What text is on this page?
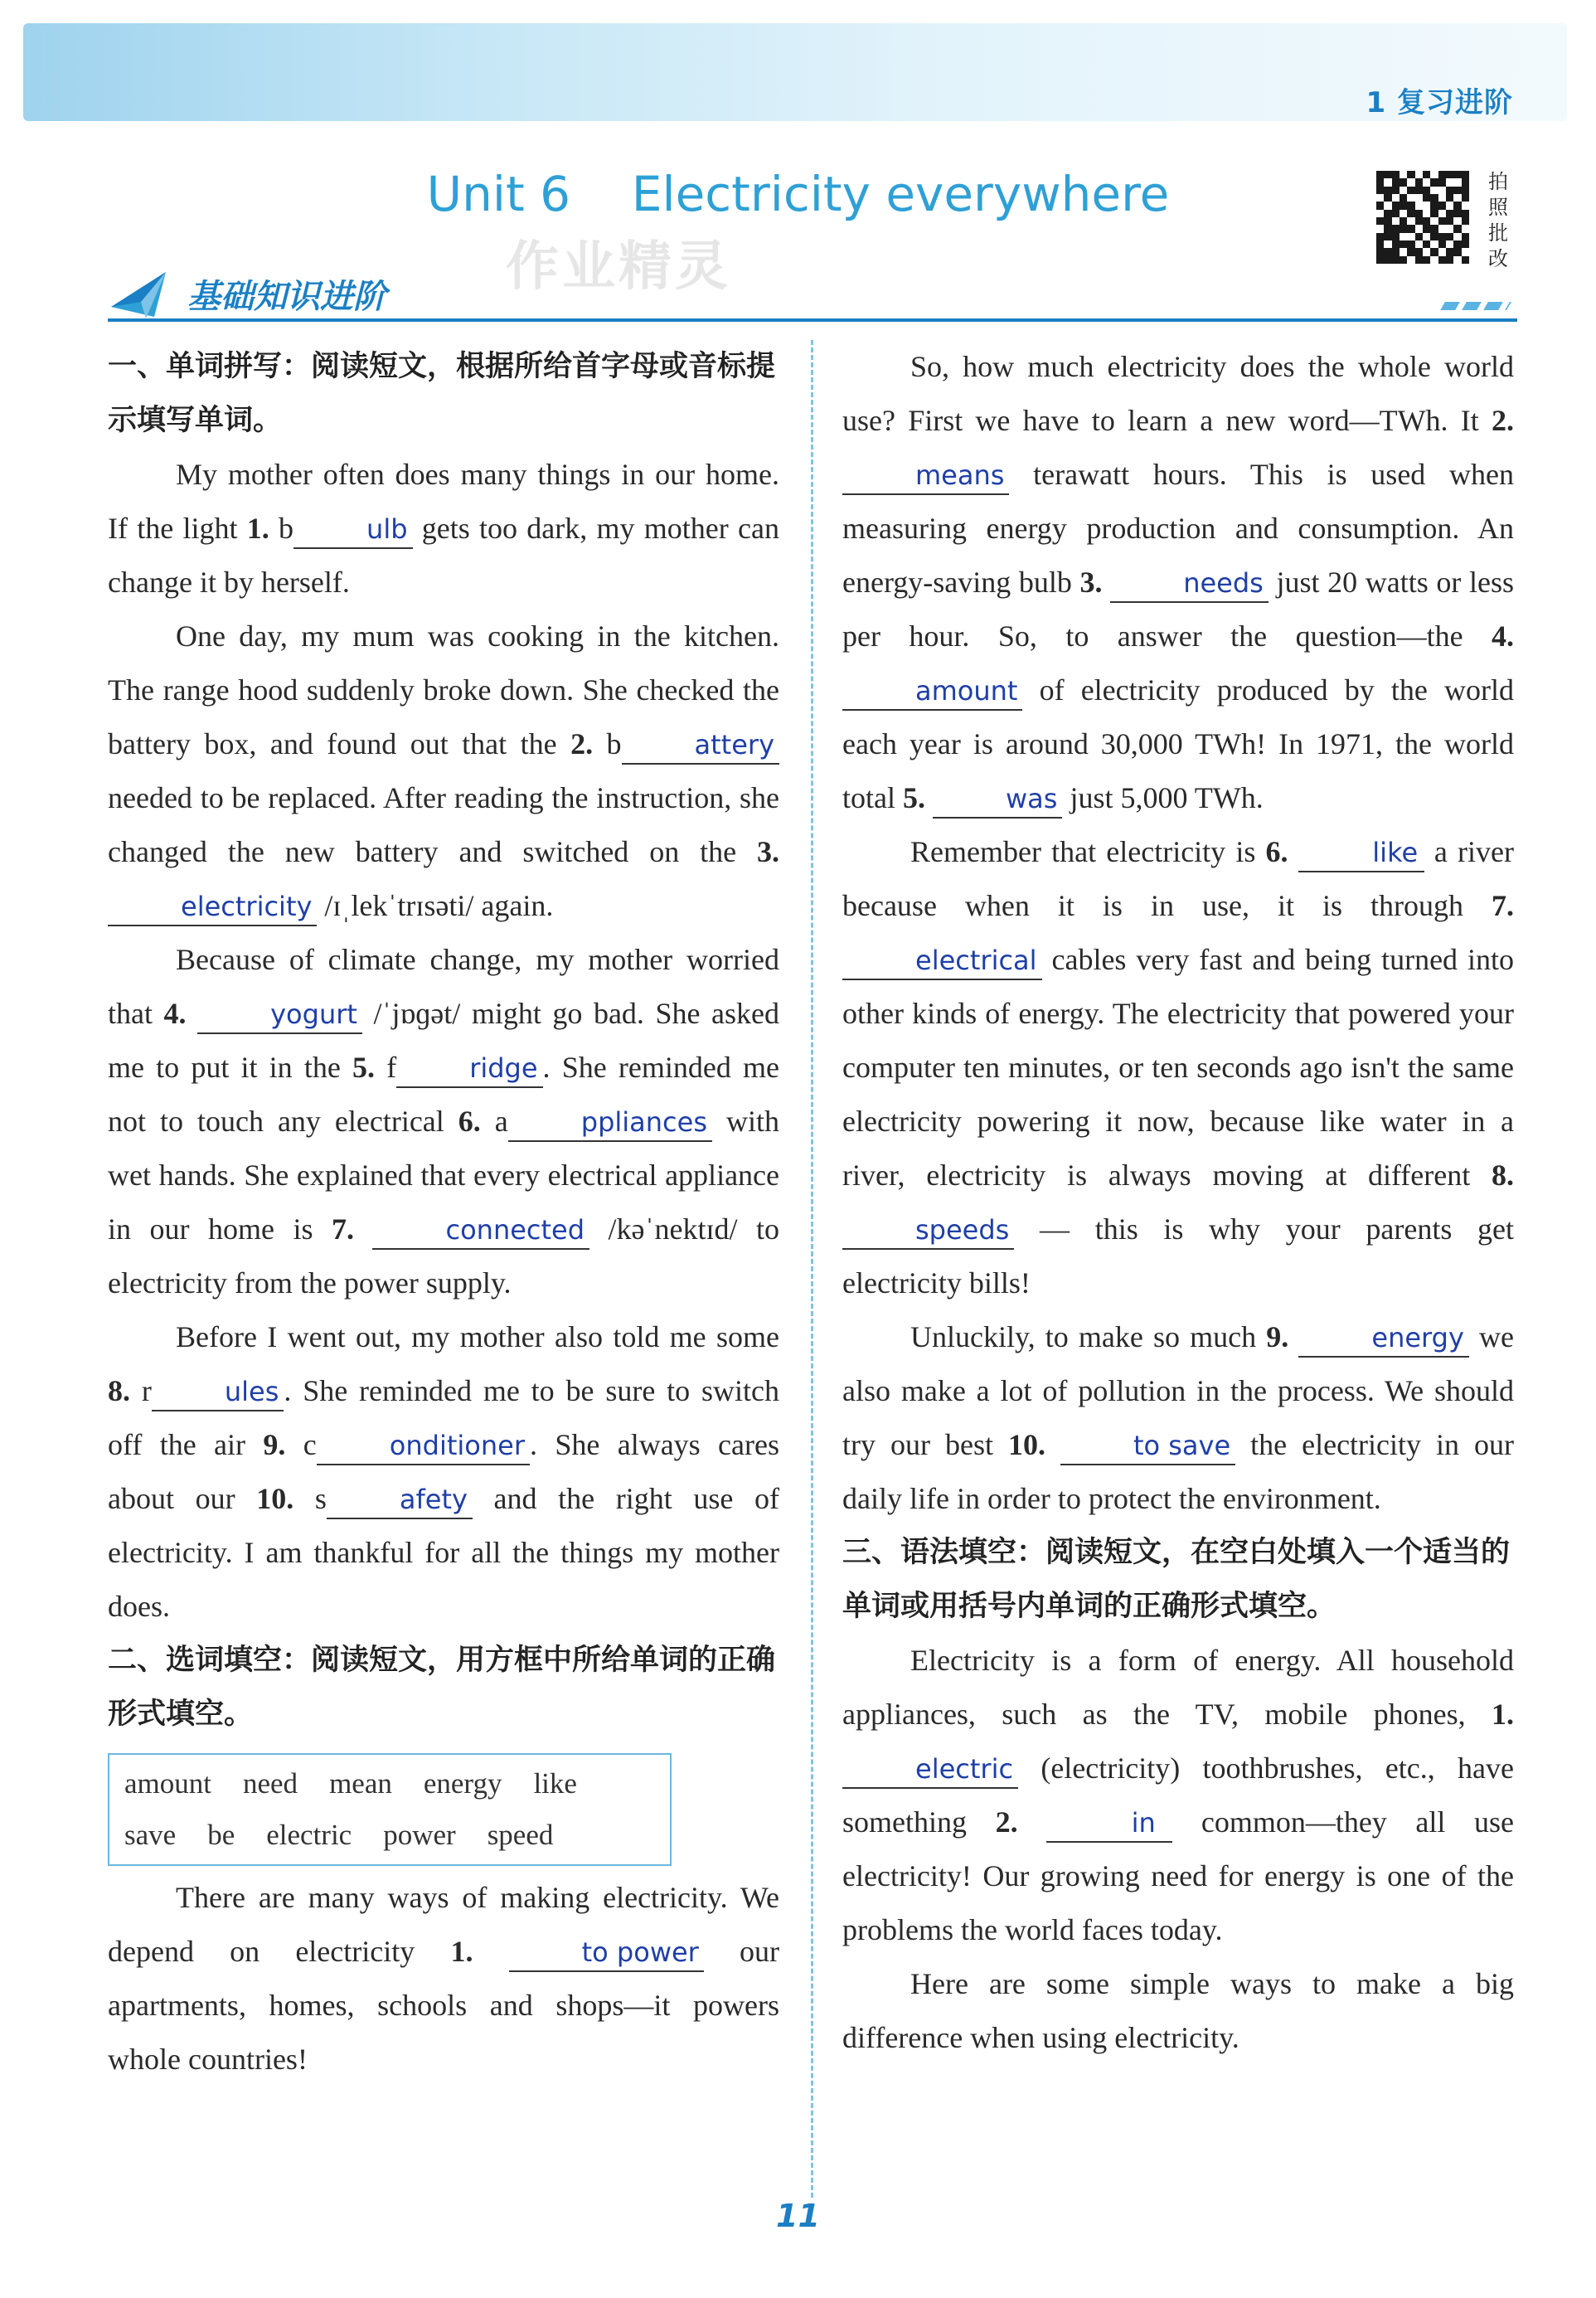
1 复习进阶
Unit 6    Electricity everywhere	拍照批改
作业精灵
基础知识进阶
一、单词拼写：阅读短文，根据所给首字母或音标提示填写单词。

My mother often does many things in our home. If the light 1. b	ulb gets too dark, my mother can change it by herself.

One day, my mum was cooking in the kitchen. The range hood suddenly broke down. She checked the battery box, and found out that the 2. b	attery needed to be replaced. After reading the instruction, she changed the new battery and switched on the 3. electricity /ɪˌlekˈtrɪsəti/ again.

Because of climate change, my mother worried that 4.	yogurt /ˈjɒɡət/ might go bad. She asked me to put it in the 5. f	ridge . She reminded me not to touch any electrical 6. a	ppliances with wet hands. She explained that every electrical appliance in our home is 7.	connected /kəˈnektɪd/ to electricity from the power supply.

Before I went out, my mother also told me some 8. r	ules . She reminded me to be sure to switch off the air 9. c	onditioner . She always cares about our 10. s	afety and the right use of electricity. I am thankful for all the things my mother does.

二、选词填空：阅读短文，用方框中所给单词的正确形式填空。
amount need mean energy like
save be electric power speed

There are many ways of making electricity. We depend on electricity 1.	to power our apartments, homes, schools and shops—it powers whole countries!

So, how much electricity does the whole world use? First we have to learn a new word—TWh. It 2. means terawatt hours. This is used when measuring energy production and consumption. An energy-saving bulb 3.	needs just 20 watts or less per hour. So, to answer the question—the 4. amount of electricity produced by the world each year is around 30,000 TWh! In 1971, the world total 5.	was just 5,000 TWh.

Remember that electricity is 6.	like a river because when it is in use, it is through 7. electrical cables very fast and being turned into other kinds of energy. The electricity that powered your computer ten minutes, or ten seconds ago isn't the same electricity powering it now, because like water in a river, electricity is always moving at different 8. speeds — this is why your parents get electricity bills!

Unluckily, to make so much 9.	energy we also make a lot of pollution in the process. We should try our best 10.	to save the electricity in our daily life in order to protect the environment.

三、语法填空：阅读短文，在空白处填入一个适当的单词或用括号内单词的正确形式填空。

Electricity is a form of energy. All household appliances, such as the TV, mobile phones, 1. electric (electricity) toothbrushes, etc., have something 2.	in common—they all use electricity! Our growing need for energy is one of the problems the world faces today.

Here are some simple ways to make a big difference when using electricity.

11
